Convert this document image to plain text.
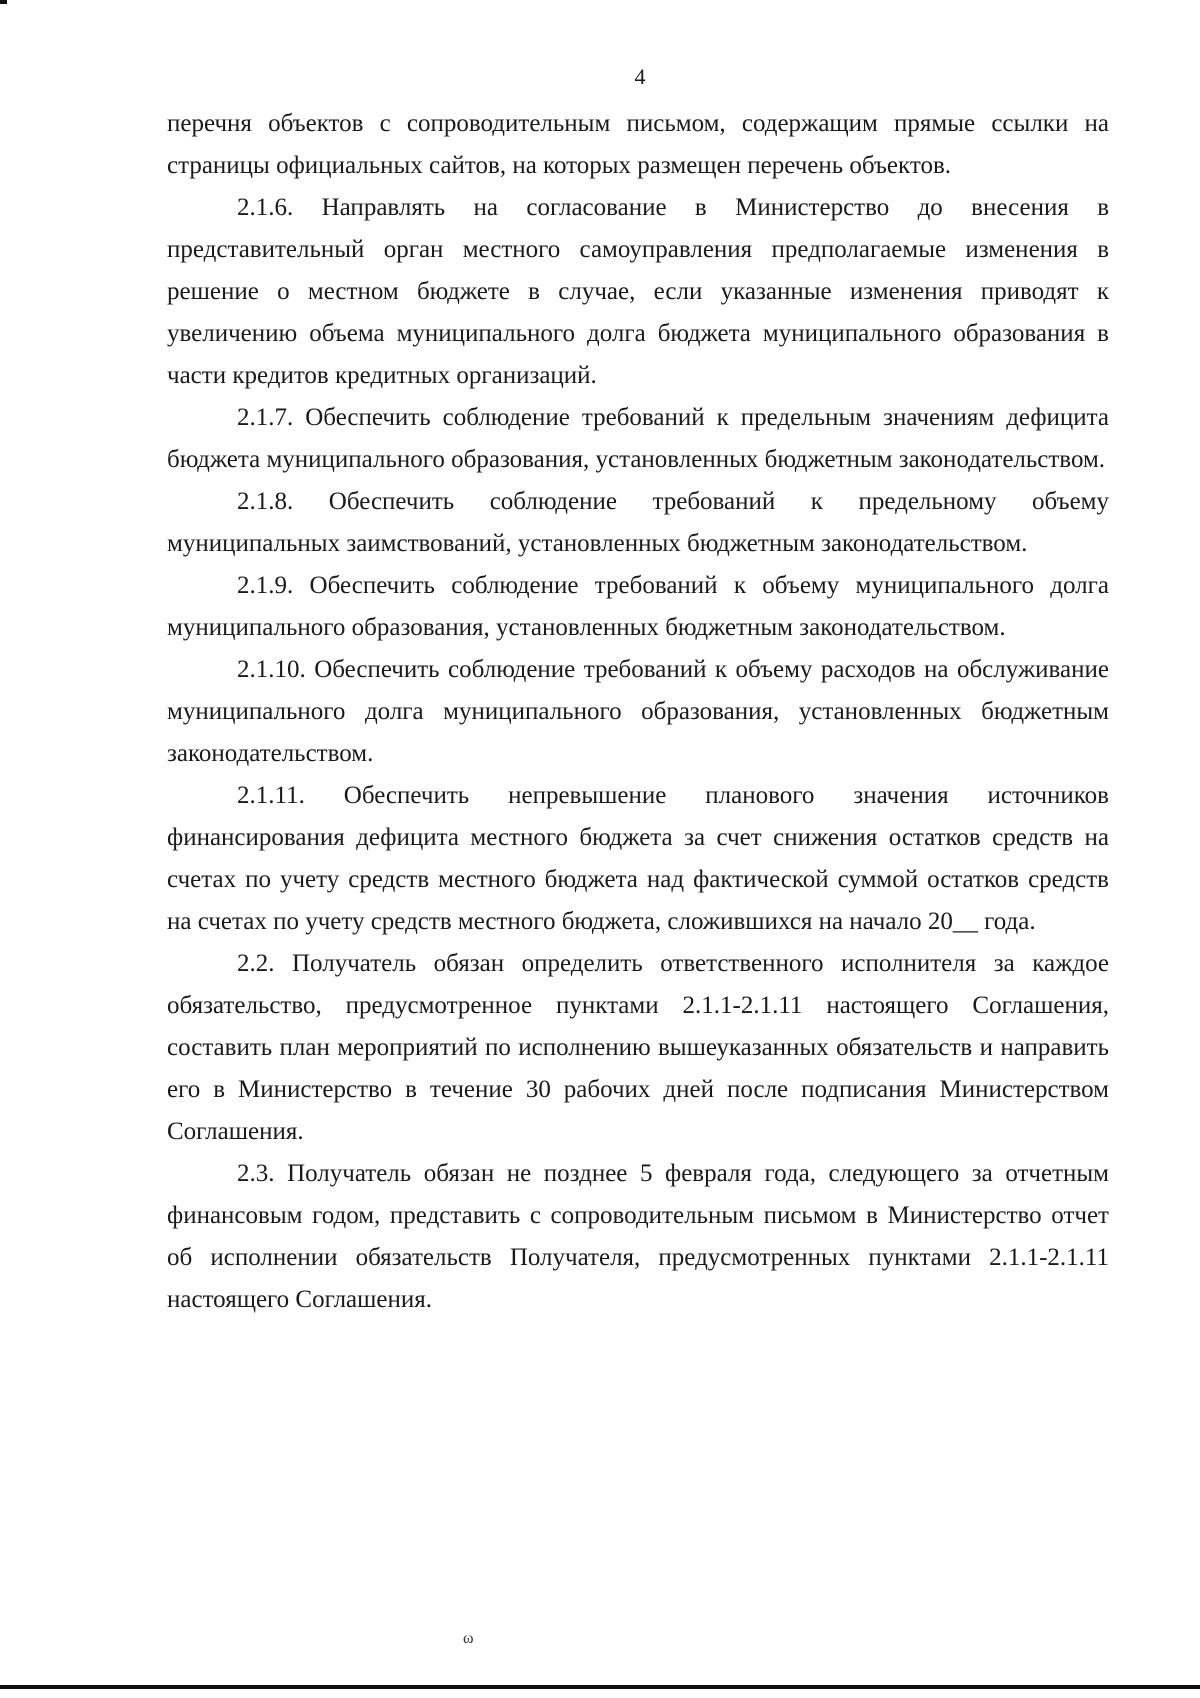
4

перечня объектов с сопроводительным письмом, содержащим прямые ссылки на страницы официальных сайтов, на которых размещен перечень объектов.

2.1.6. Направлять на согласование в Министерство до внесения в представительный орган местного самоуправления предполагаемые изменения в решение о местном бюджете в случае, если указанные изменения приводят к увеличению объема муниципального долга бюджета муниципального образования в части кредитов кредитных организаций.

2.1.7. Обеспечить соблюдение требований к предельным значениям дефицита бюджета муниципального образования, установленных бюджетным законодательством.

2.1.8. Обеспечить соблюдение требований к предельному объему муниципальных заимствований, установленных бюджетным законодательством.

2.1.9. Обеспечить соблюдение требований к объему муниципального долга муниципального образования, установленных бюджетным законодательством.

2.1.10. Обеспечить соблюдение требований к объему расходов на обслуживание муниципального долга муниципального образования, установленных бюджетным законодательством.

2.1.11. Обеспечить непревышение планового значения источников финансирования дефицита местного бюджета за счет снижения остатков средств на счетах по учету средств местного бюджета над фактической суммой остатков средств на счетах по учету средств местного бюджета, сложившихся на начало 20__ года.

2.2. Получатель обязан определить ответственного исполнителя за каждое обязательство, предусмотренное пунктами 2.1.1-2.1.11 настоящего Соглашения, составить план мероприятий по исполнению вышеуказанных обязательств и направить его в Министерство в течение 30 рабочих дней после подписания Министерством Соглашения.

2.3. Получатель обязан не позднее 5 февраля года, следующего за отчетным финансовым годом, представить с сопроводительным письмом в Министерство отчет об исполнении обязательств Получателя, предусмотренных пунктами 2.1.1-2.1.11 настоящего Соглашения.

ω
